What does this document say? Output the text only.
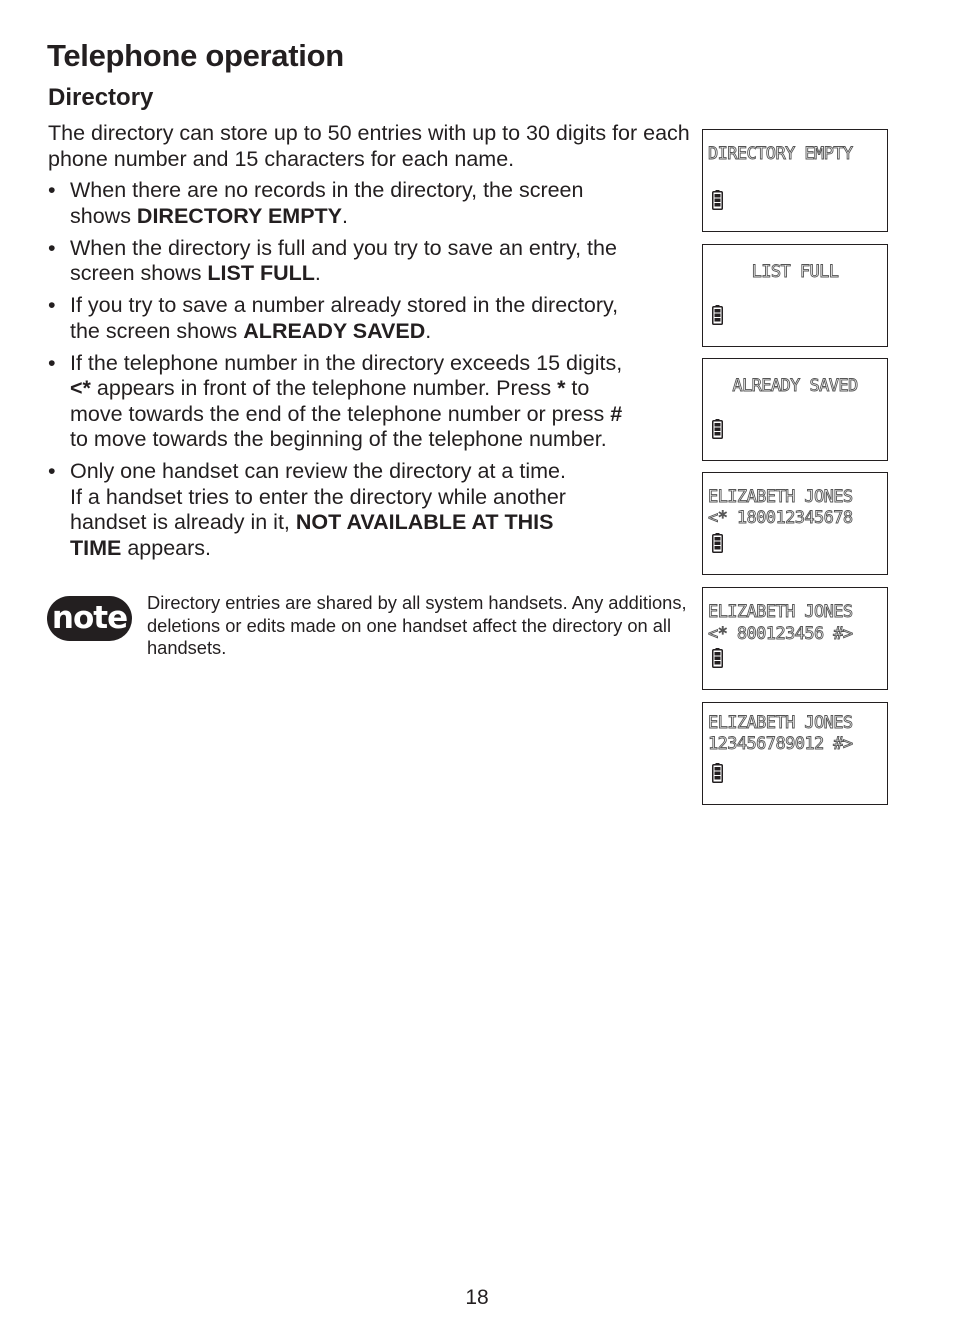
Telephone operation
Directory

The directory can store up to 50 entries with up to 30 digits for each phone number and 15 characters for each name.

• When there are no records in the directory, the screen
shows DIRECTORY EMPTY.
• When the directory is full and you try to save an entry, the
screen shows LIST FULL.
• If you try to save a number already stored in the directory,
the screen shows ALREADY SAVED.
• If the telephone number in the directory exceeds 15 digits,
<* appears in front of the telephone number. Press * to
move towards the end of the telephone number or press #
to move towards the beginning of the telephone number.
• Only one handset can review the directory at a time.
If a handset tries to enter the directory while another
handset is already in it, NOT AVAILABLE AT THIS
TIME appears.
note Directory entries are shared by all system handsets. Any additions, deletions or edits made on one handset affect the directory on all handsets.

DIRECTORY EMPTY
LIST FULL
ALREADY SAVED
ELIZABETH JONES
<* 180012345678
ELIZABETH JONES
<* 800123456 #>
ELIZABETH JONES
123456789012 #>
18
